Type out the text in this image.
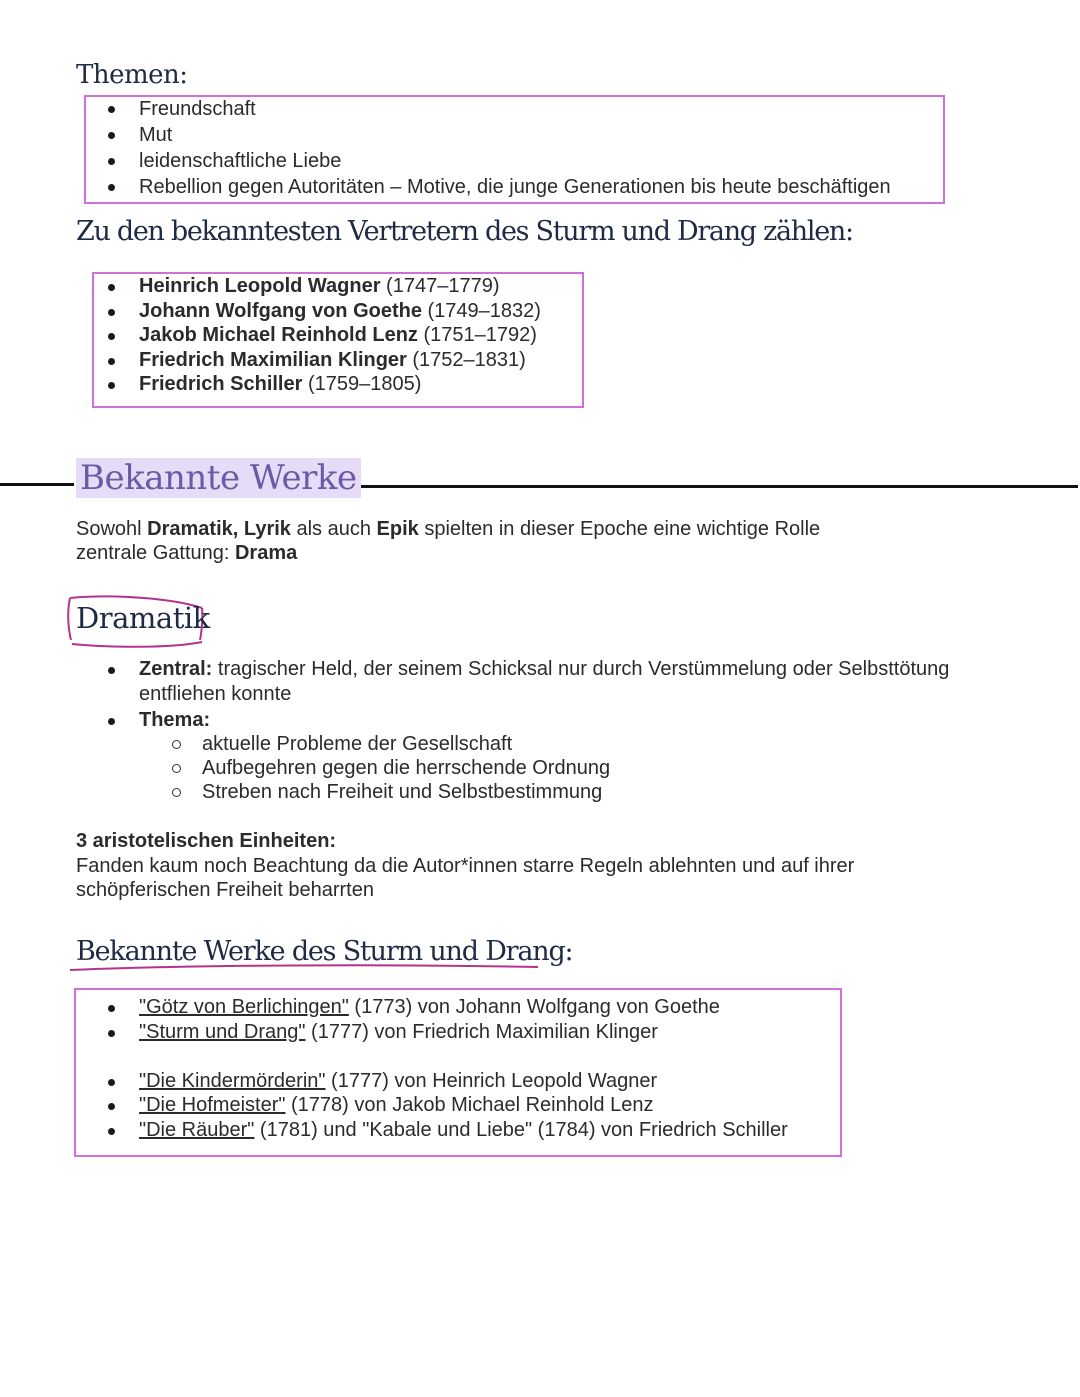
Themen:
Freundschaft
Mut
leidenschaftliche Liebe
Rebellion gegen Autoritäten – Motive, die junge Generationen bis heute beschäftigen
Zu den bekanntesten Vertretern des Sturm und Drang zählen:
Heinrich Leopold Wagner (1747–1779)
Johann Wolfgang von Goethe (1749–1832)
Jakob Michael Reinhold Lenz (1751–1792)
Friedrich Maximilian Klinger (1752–1831)
Friedrich Schiller (1759–1805)
Bekannte Werke
Sowohl Dramatik, Lyrik als auch Epik spielten in dieser Epoche eine wichtige Rolle
zentrale Gattung: Drama
Dramatik
Zentral: tragischer Held, der seinem Schicksal nur durch Verstümmelung oder Selbsttötung
entfliehen konnte
Thema:
aktuelle Probleme der Gesellschaft
Aufbegehren gegen die herrschende Ordnung
Streben nach Freiheit und Selbstbestimmung
3 aristotelischen Einheiten:
Fanden kaum noch Beachtung da die Autor*innen starre Regeln ablehnten und auf ihrer
schöpferischen Freiheit beharrten
Bekannte Werke des Sturm und Drang:
"Götz von Berlichingen" (1773) von Johann Wolfgang von Goethe
"Sturm und Drang" (1777) von Friedrich Maximilian Klinger
"Die Kindermörderin" (1777) von Heinrich Leopold Wagner
"Die Hofmeister" (1778) von Jakob Michael Reinhold Lenz
"Die Räuber" (1781) und "Kabale und Liebe" (1784) von Friedrich Schiller
